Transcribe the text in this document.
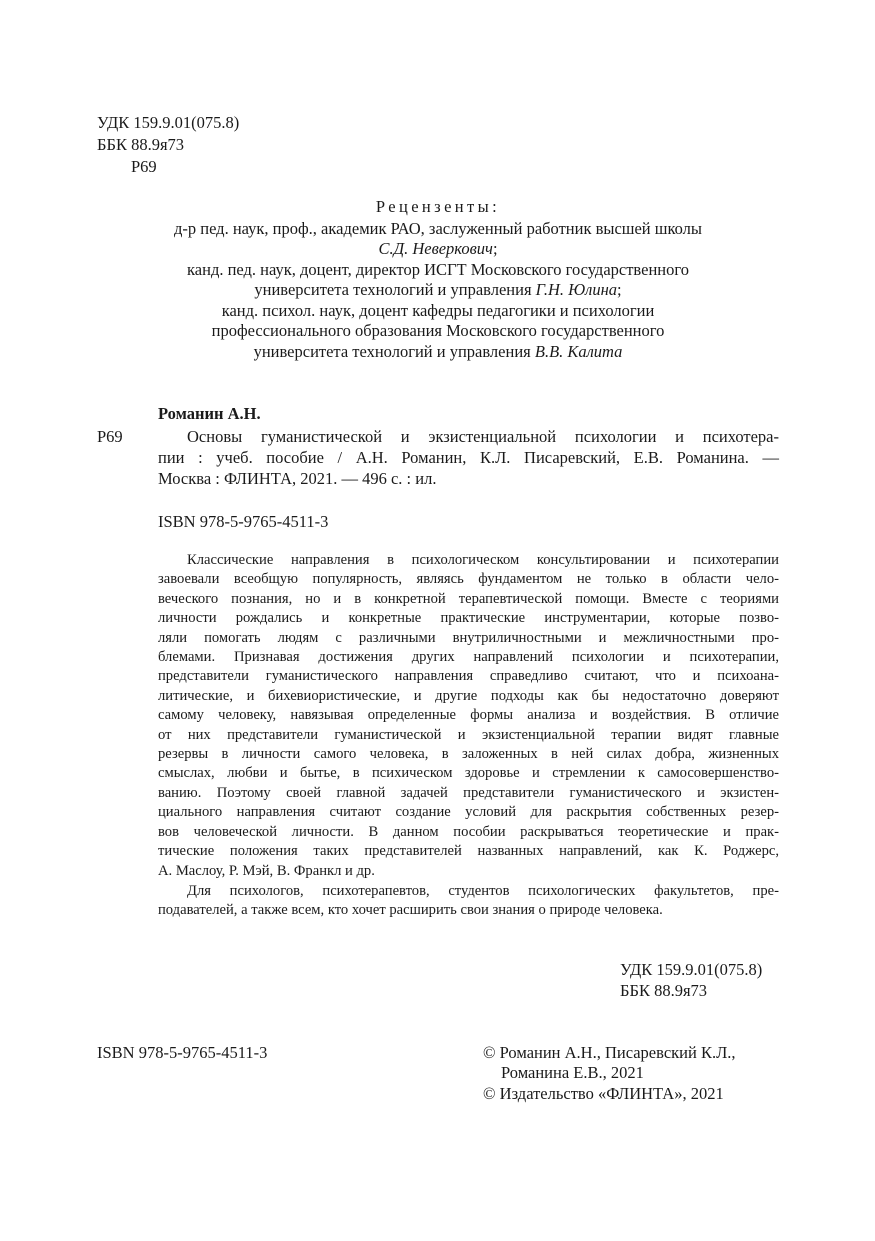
УДК 159.9.01(075.8)
ББК 88.9я73
Р69
Рецензенты:
д-р пед. наук, проф., академик РАО, заслуженный работник высшей школы
С.Д. Неверкович;
канд. пед. наук, доцент, директор ИСГТ Московского государственного
университета технологий и управления Г.Н. Юлина;
канд. психол. наук, доцент кафедры педагогики и психологии
профессионального образования Московского государственного
университета технологий и управления В.В. Калита
Романин А.Н.
Р69	Основы гуманистической и экзистенциальной психологии и психотера-
пии : учеб. пособие / А.Н. Романин, К.Л. Писаревский, Е.В. Романина. —
Москва : ФЛИНТА, 2021. — 496 с. : ил.
ISBN 978-5-9765-4511-3
Классические направления в психологическом консультировании и психотерапии
завоевали всеобщую популярность, являясь фундаментом не только в области чело-
веческого познания, но и в конкретной терапевтической помощи. Вместе с теориями
личности рождались и конкретные практические инструментарии, которые позво-
ляли помогать людям с различными внутриличностными и межличностными про-
блемами. Признавая достижения других направлений психологии и психотерапии,
представители гуманистического направления справедливо считают, что и психоана-
литические, и бихевиористические, и другие подходы как бы недостаточно доверяют
самому человеку, навязывая определенные формы анализа и воздействия. В отличие
от них представители гуманистической и экзистенциальной терапии видят главные
резервы в личности самого человека, в заложенных в ней силах добра, жизненных
смыслах, любви и бытье, в психическом здоровье и стремлении к самосовершенство-
ванию. Поэтому своей главной задачей представители гуманистического и экзистен-
циального направления считают создание условий для раскрытия собственных резер-
вов человеческой личности. В данном пособии раскрываться теоретические и прак-
тические положения таких представителей названных направлений, как К. Роджерс,
А. Маслоу, Р. Мэй, В. Франкл и др.
Для психологов, психотерапевтов, студентов психологических факультетов, пре-
подавателей, а также всем, кто хочет расширить свои знания о природе человека.
УДК 159.9.01(075.8)
ББК 88.9я73
ISBN 978-5-9765-4511-3	© Романин А.Н., Писаревский К.Л.,
Романина Е.В., 2021
© Издательство «ФЛИНТА», 2021
